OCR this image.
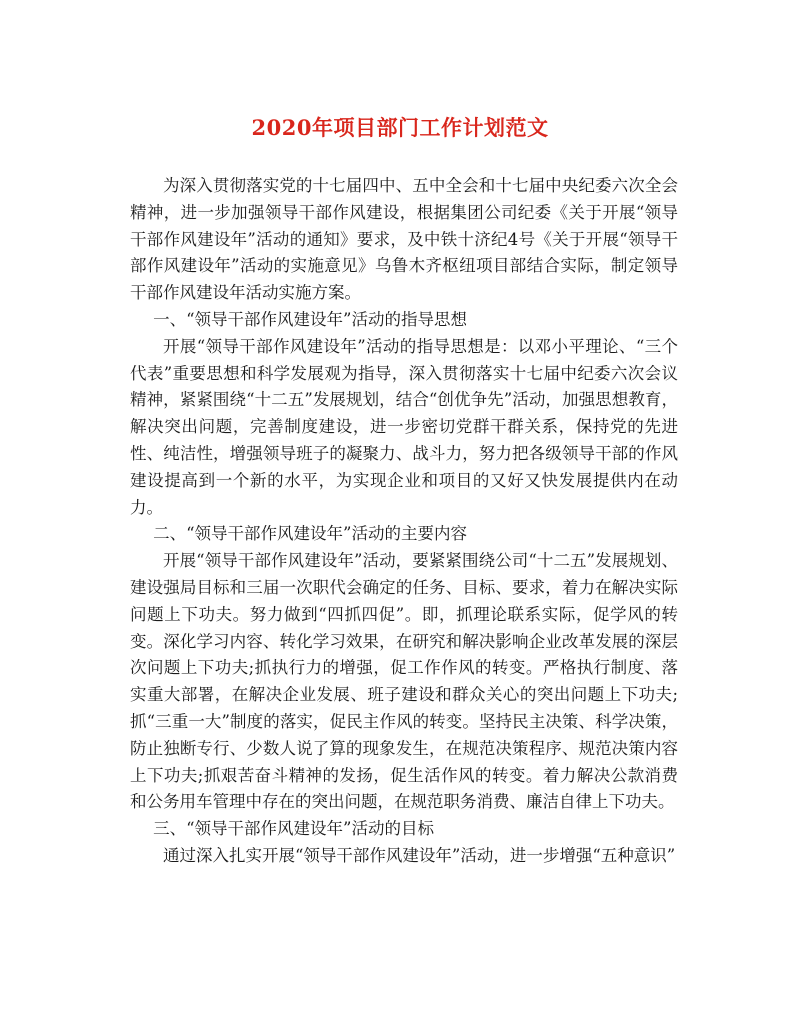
2020年项目部门工作计划范文

为深入贯彻落实党的十七届四中、五中全会和十七届中央纪委六次全会精神，进一步加强领导干部作风建设，根据集团公司纪委《关于开展“领导干部作风建设年”活动的通知》要求，及中铁十济纪4号《关于开展“领导干部作风建设年”活动的实施意见》乌鲁木齐枢纽项目部结合实际，制定领导干部作风建设年活动实施方案。

一、“领导干部作风建设年”活动的指导思想

开展“领导干部作风建设年”活动的指导思想是：以邓小平理论、“三个代表”重要思想和科学发展观为指导，深入贯彻落实十七届中纪委六次会议精神，紧紧围绕“十二五”发展规划，结合“创优争先”活动，加强思想教育，解决突出问题，完善制度建设，进一步密切党群干群关系，保持党的先进性、纯洁性，增强领导班子的凝聚力、战斗力，努力把各级领导干部的作风建设提高到一个新的水平，为实现企业和项目的又好又快发展提供内在动力。

二、“领导干部作风建设年”活动的主要内容

开展“领导干部作风建设年”活动，要紧紧围绕公司“十二五”发展规划、建设强局目标和三届一次职代会确定的任务、目标、要求，着力在解决实际问题上下功夫。努力做到“四抓四促”。即，抓理论联系实际，促学风的转变。深化学习内容、转化学习效果，在研究和解决影响企业改革发展的深层次问题上下功夫;抓执行力的增强，促工作作风的转变。严格执行制度、落实重大部署，在解决企业发展、班子建设和群众关心的突出问题上下功夫;抓“三重一大”制度的落实，促民主作风的转变。坚持民主决策、科学决策，防止独断专行、少数人说了算的现象发生，在规范决策程序、规范决策内容上下功夫;抓艰苦奋斗精神的发扬，促生活作风的转变。着力解决公款消费和公务用车管理中存在的突出问题，在规范职务消费、廉洁自律上下功夫。

三、“领导干部作风建设年”活动的目标

通过深入扎实开展“领导干部作风建设年”活动，进一步增强“五种意识”
